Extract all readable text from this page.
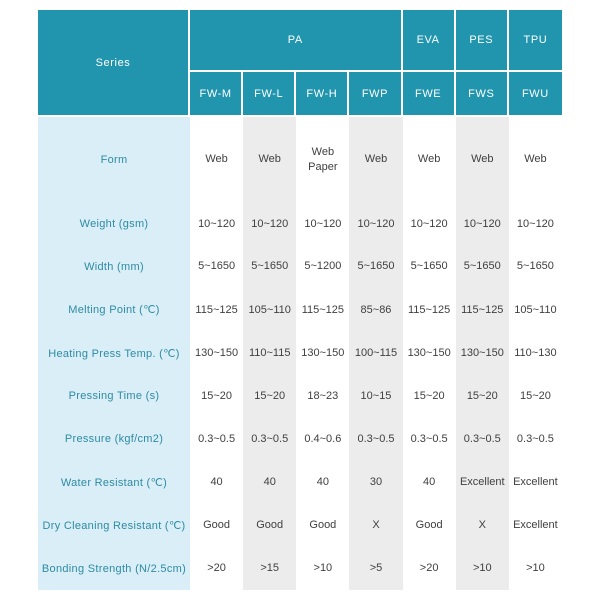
Series	PA				EVA	PES	TPU
	FW-M	FW-L	FW-H	FWP	FWE	FWS	FWU
Form	Web	Web	Web Paper	Web	Web	Web	Web
Weight (gsm)	10~120	10~120	10~120	10~120	10~120	10~120	10~120
Width (mm)	5~1650	5~1650	5~1200	5~1650	5~1650	5~1650	5~1650
Melting Point (℃)	115~125	105~110	115~125	85~86	115~125	115~125	105~110
Heating Press Temp. (℃)	130~150	110~115	130~150	100~115	130~150	130~150	110~130
Pressing Time (s)	15~20	15~20	18~23	10~15	15~20	15~20	15~20
Pressure (kgf/cm2)	0.3~0.5	0.3~0.5	0.4~0.6	0.3~0.5	0.3~0.5	0.3~0.5	0.3~0.5
Water Resistant (℃)	40	40	40	30	40	Excellent	Excellent
Dry Cleaning Resistant (℃)	Good	Good	Good	X	Good	X	Excellent
Bonding Strength (N/2.5cm)	>20	>15	>10	>5	>20	>10	>10
